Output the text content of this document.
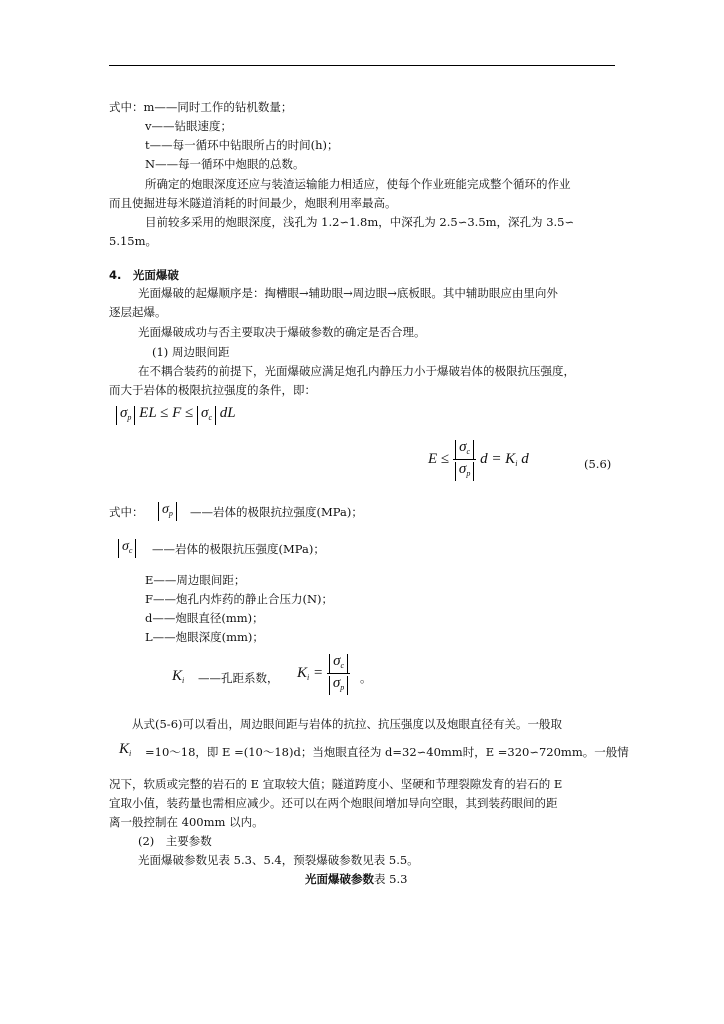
式中：m——同时工作的钻机数量；
v——钻眼速度；
t——每一循环中钻眼所占的时间(h)；
N——每一循环中炮眼的总数。
所确定的炮眼深度还应与装渣运输能力相适应，使每个作业班能完成整个循环的作业
而且使掘进每米隧道消耗的时间最少，炮眼利用率最高。
目前较多采用的炮眼深度，浅孔为 1.2∽1.8m，中深孔为 2.5∽3.5m，深孔为 3.5∽
5.15m。
4.　光面爆破
光面爆破的起爆顺序是：掏槽眼→辅助眼→周边眼→底板眼。其中辅助眼应由里向外
逐层起爆。
光面爆破成功与否主要取决于爆破参数的确定是否合理。
(1) 周边眼间距
在不耦合装药的前提下，光面爆破应满足炮孔内静压力小于爆破岩体的极限抗压强度，
而大于岩体的极限抗拉强度的条件，即：
$\sigma_p$ EL ≤ $F \le \sigma_c$ dL
$E \le \frac{\sigma_c}{\sigma_p}$ $d = K_i$ d	(5.6)
式中： $\sigma_p$	——岩体的极限抗拉强度(MPa)；
$\sigma_c$	——岩体的极限抗压强度(MPa)；
E——周边眼间距；
F——炮孔内炸药的静止合压力(N)；
d——炮眼直径(mm)；
L——炮眼深度(mm)；
$K_i$ ——孔距系数， $K_i = \frac{\sigma_c}{\sigma_p}$ 。
从式(5-6)可以看出，周边眼间距与岩体的抗拉、抗压强度以及炮眼直径有关。一般取
$K_i$ =10～18，即 E =(10～18)d；当炮眼直径为 d=32∽40mm时，E =320∽720mm。一般情
况下，软质或完整的岩石的 E 宜取较大值；隧道跨度小、坚硬和节理裂隙发育的岩石的 E
宜取小值，装药量也需相应减少。还可以在两个炮眼间增加导向空眼，其到装药眼间的距
离一般控制在 400mm 以内。
(2)　主要参数
光面爆破参数见表 5.3、5.4，预裂爆破参数见表 5.5。
光面爆破参数表 5.3
